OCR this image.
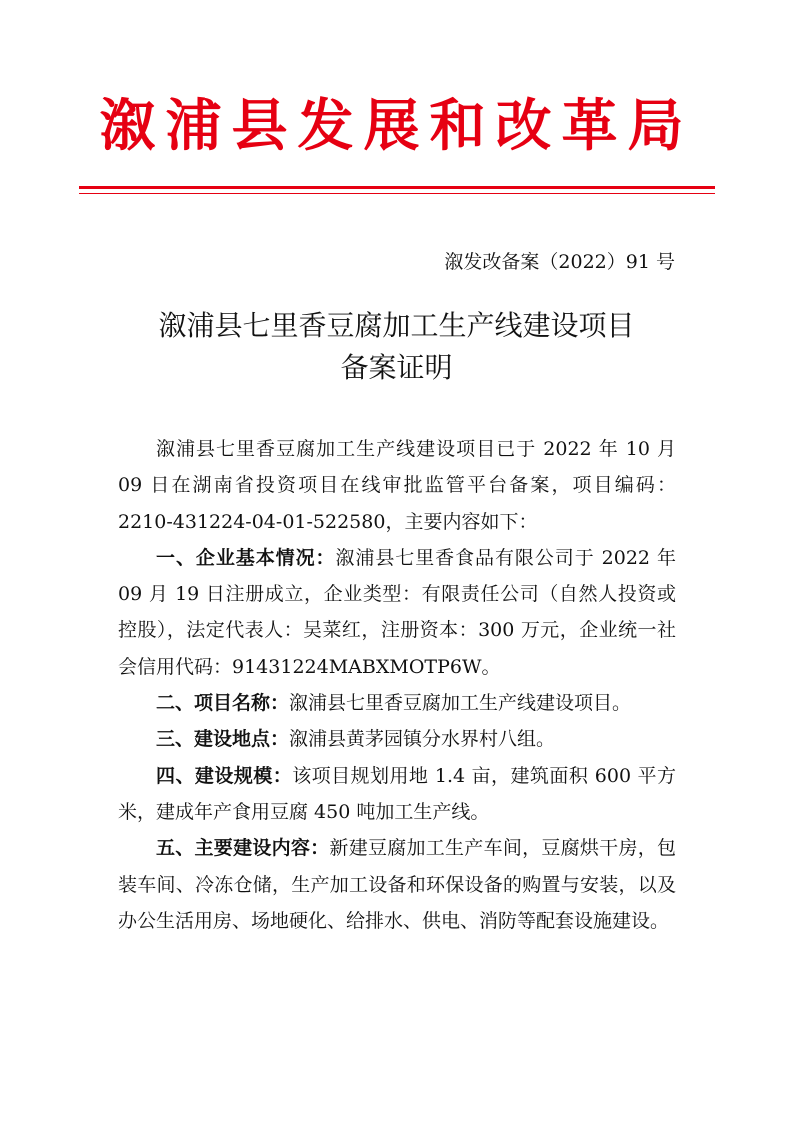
溆浦县发展和改革局
溆发改备案（2022）91 号
溆浦县七里香豆腐加工生产线建设项目
备案证明

溆浦县七里香豆腐加工生产线建设项目已于 2022 年 10 月 09 日在湖南省投资项目在线审批监管平台备案，项目编码：2210-431224-04-01-522580，主要内容如下：

一、企业基本情况：溆浦县七里香食品有限公司于 2022 年 09 月 19 日注册成立，企业类型：有限责任公司（自然人投资或控股），法定代表人：吴菜红，注册资本：300 万元，企业统一社会信用代码：91431224MABXMOTP6W。

二、项目名称：溆浦县七里香豆腐加工生产线建设项目。

三、建设地点：溆浦县黄茅园镇分水界村八组。

四、建设规模：该项目规划用地 1.4 亩，建筑面积 600 平方米，建成年产食用豆腐 450 吨加工生产线。

五、主要建设内容：新建豆腐加工生产车间，豆腐烘干房，包装车间、冷冻仓储，生产加工设备和环保设备的购置与安装，以及办公生活用房、场地硬化、给排水、供电、消防等配套设施建设。
